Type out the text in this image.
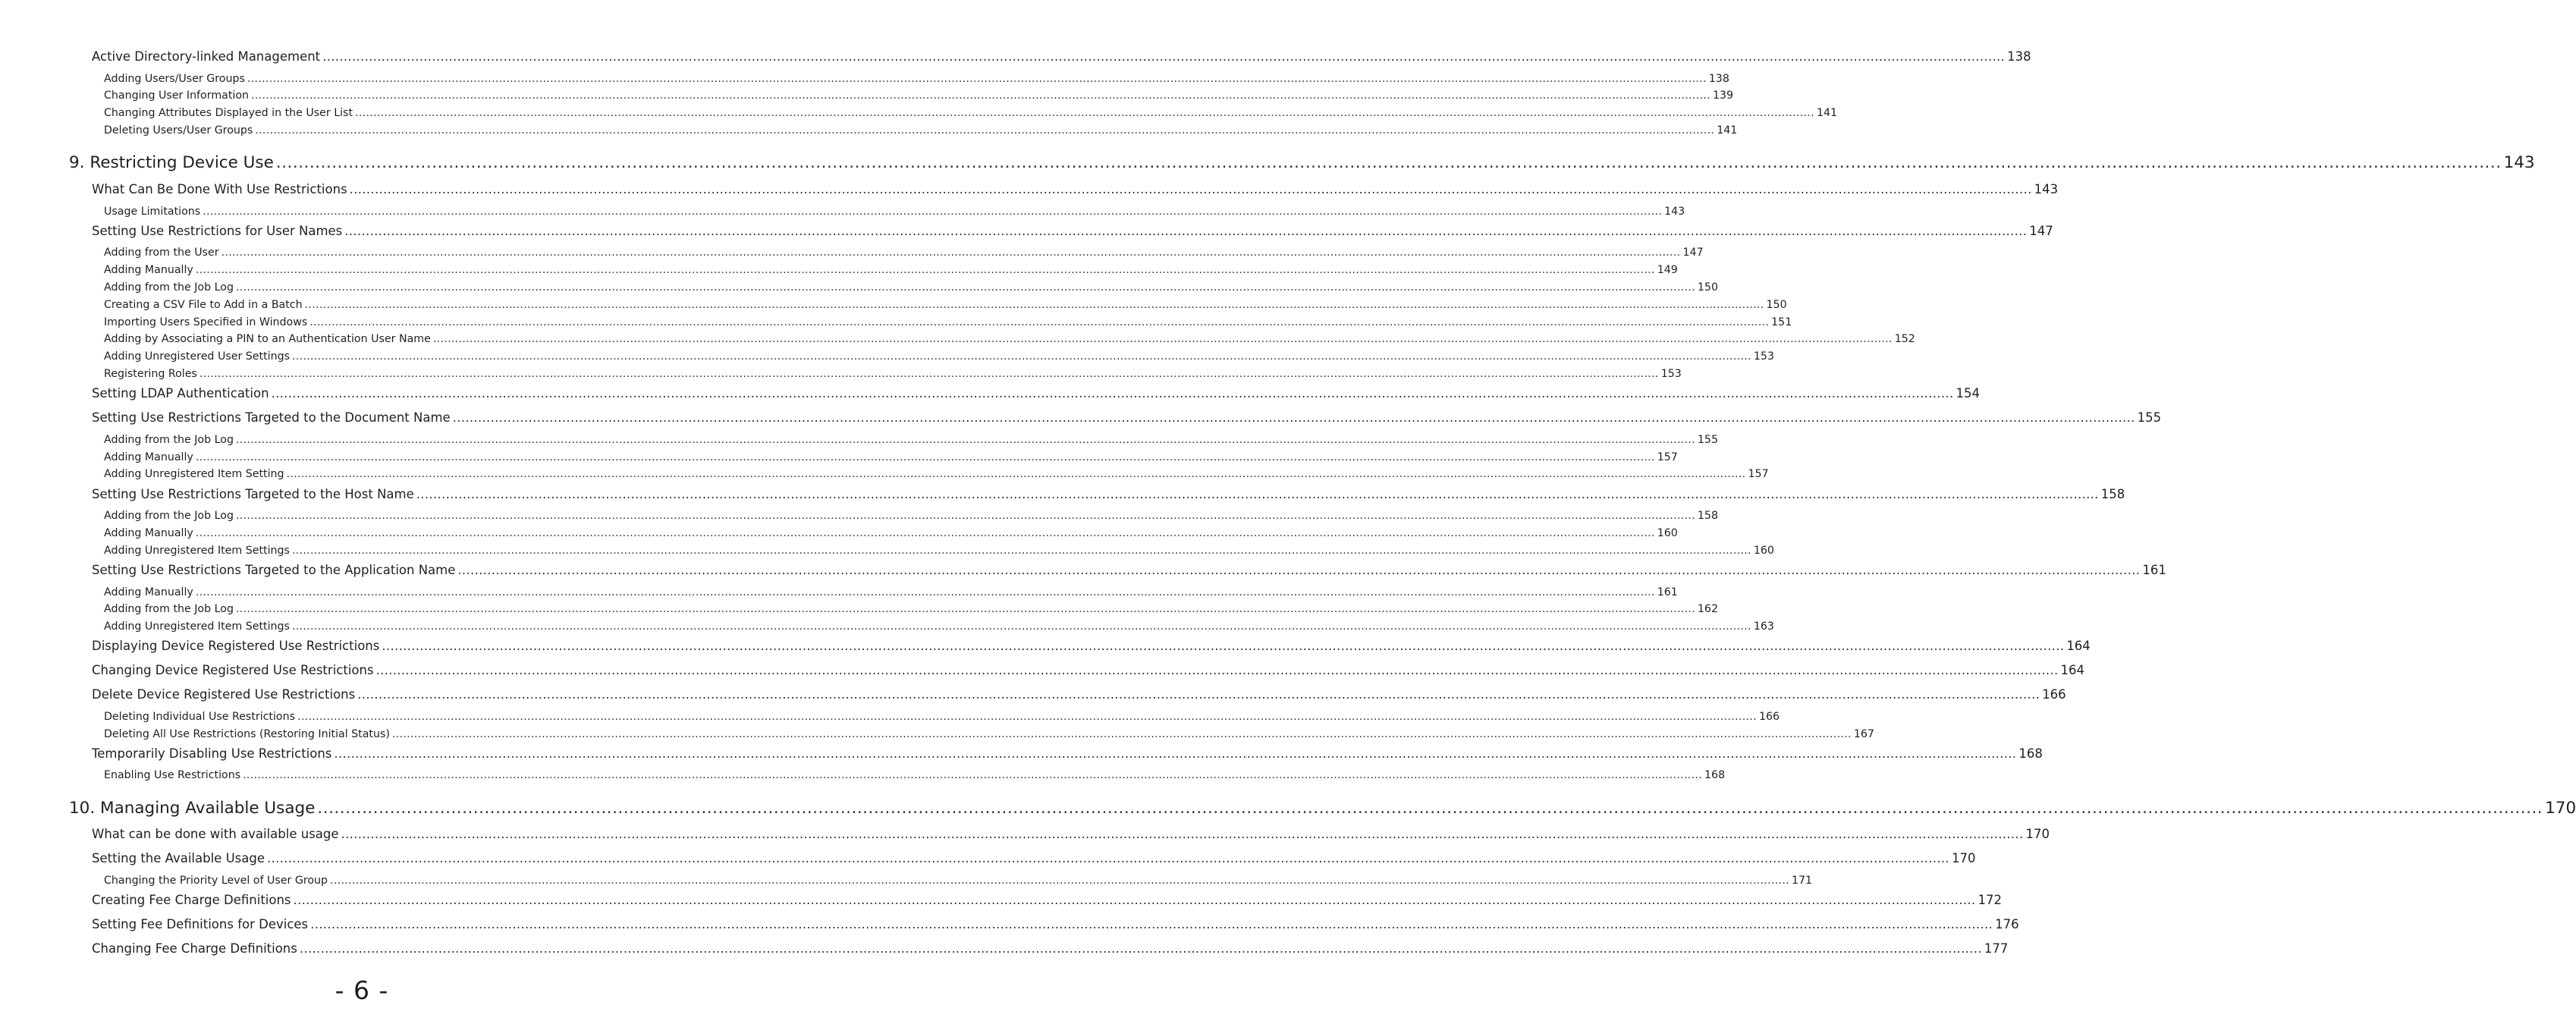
Active Directory-linked Management ................................................................................................................................................................................................................................................................................................................................................................................................................ 138
Adding Users/User Groups ................................................................................................................................................................................................................................................................................................................................................................................................................ 138
Changing User Information ................................................................................................................................................................................................................................................................................................................................................................................................................ 139
Changing Attributes Displayed in the User List ................................................................................................................................................................................................................................................................................................................................................................................................................ 141
Deleting Users/User Groups ................................................................................................................................................................................................................................................................................................................................................................................................................ 141
9. Restricting Device Use ................................................................................................................................................................................................................................................................................................................................................................................................................ 143
What Can Be Done With Use Restrictions ................................................................................................................................................................................................................................................................................................................................................................................................................ 143
Usage Limitations ................................................................................................................................................................................................................................................................................................................................................................................................................ 143
Setting Use Restrictions for User Names ................................................................................................................................................................................................................................................................................................................................................................................................................ 147
Adding from the User ................................................................................................................................................................................................................................................................................................................................................................................................................ 147
Adding Manually ................................................................................................................................................................................................................................................................................................................................................................................................................ 149
Adding from the Job Log ................................................................................................................................................................................................................................................................................................................................................................................................................ 150
Creating a CSV File to Add in a Batch ................................................................................................................................................................................................................................................................................................................................................................................................................ 150
Importing Users Specified in Windows ................................................................................................................................................................................................................................................................................................................................................................................................................ 151
Adding by Associating a PIN to an Authentication User Name ................................................................................................................................................................................................................................................................................................................................................................................................................ 152
Adding Unregistered User Settings ................................................................................................................................................................................................................................................................................................................................................................................................................ 153
Registering Roles ................................................................................................................................................................................................................................................................................................................................................................................................................ 153
Setting LDAP Authentication ................................................................................................................................................................................................................................................................................................................................................................................................................ 154
Setting Use Restrictions Targeted to the Document Name ................................................................................................................................................................................................................................................................................................................................................................................................................ 155
Adding from the Job Log ................................................................................................................................................................................................................................................................................................................................................................................................................ 155
Adding Manually ................................................................................................................................................................................................................................................................................................................................................................................................................ 157
Adding Unregistered Item Setting ................................................................................................................................................................................................................................................................................................................................................................................................................ 157
Setting Use Restrictions Targeted to the Host Name ................................................................................................................................................................................................................................................................................................................................................................................................................ 158
Adding from the Job Log ................................................................................................................................................................................................................................................................................................................................................................................................................ 158
Adding Manually ................................................................................................................................................................................................................................................................................................................................................................................................................ 160
Adding Unregistered Item Settings ................................................................................................................................................................................................................................................................................................................................................................................................................ 160
Setting Use Restrictions Targeted to the Application Name ................................................................................................................................................................................................................................................................................................................................................................................................................ 161
Adding Manually ................................................................................................................................................................................................................................................................................................................................................................................................................ 161
Adding from the Job Log ................................................................................................................................................................................................................................................................................................................................................................................................................ 162
Adding Unregistered Item Settings ................................................................................................................................................................................................................................................................................................................................................................................................................ 163
Displaying Device Registered Use Restrictions ................................................................................................................................................................................................................................................................................................................................................................................................................ 164
Changing Device Registered Use Restrictions ................................................................................................................................................................................................................................................................................................................................................................................................................ 164
Delete Device Registered Use Restrictions ................................................................................................................................................................................................................................................................................................................................................................................................................ 166
Deleting Individual Use Restrictions ................................................................................................................................................................................................................................................................................................................................................................................................................ 166
Deleting All Use Restrictions (Restoring Initial Status) ................................................................................................................................................................................................................................................................................................................................................................................................................ 167
Temporarily Disabling Use Restrictions ................................................................................................................................................................................................................................................................................................................................................................................................................ 168
Enabling Use Restrictions ................................................................................................................................................................................................................................................................................................................................................................................................................ 168
10. Managing Available Usage ................................................................................................................................................................................................................................................................................................................................................................................................................ 170
What can be done with available usage ................................................................................................................................................................................................................................................................................................................................................................................................................ 170
Setting the Available Usage ................................................................................................................................................................................................................................................................................................................................................................................................................ 170
Changing the Priority Level of User Group ................................................................................................................................................................................................................................................................................................................................................................................................................ 171
Creating Fee Charge Definitions ................................................................................................................................................................................................................................................................................................................................................................................................................ 172
Setting Fee Definitions for Devices ................................................................................................................................................................................................................................................................................................................................................................................................................ 176
Changing Fee Charge Definitions ................................................................................................................................................................................................................................................................................................................................................................................................................ 177
- 6 -
